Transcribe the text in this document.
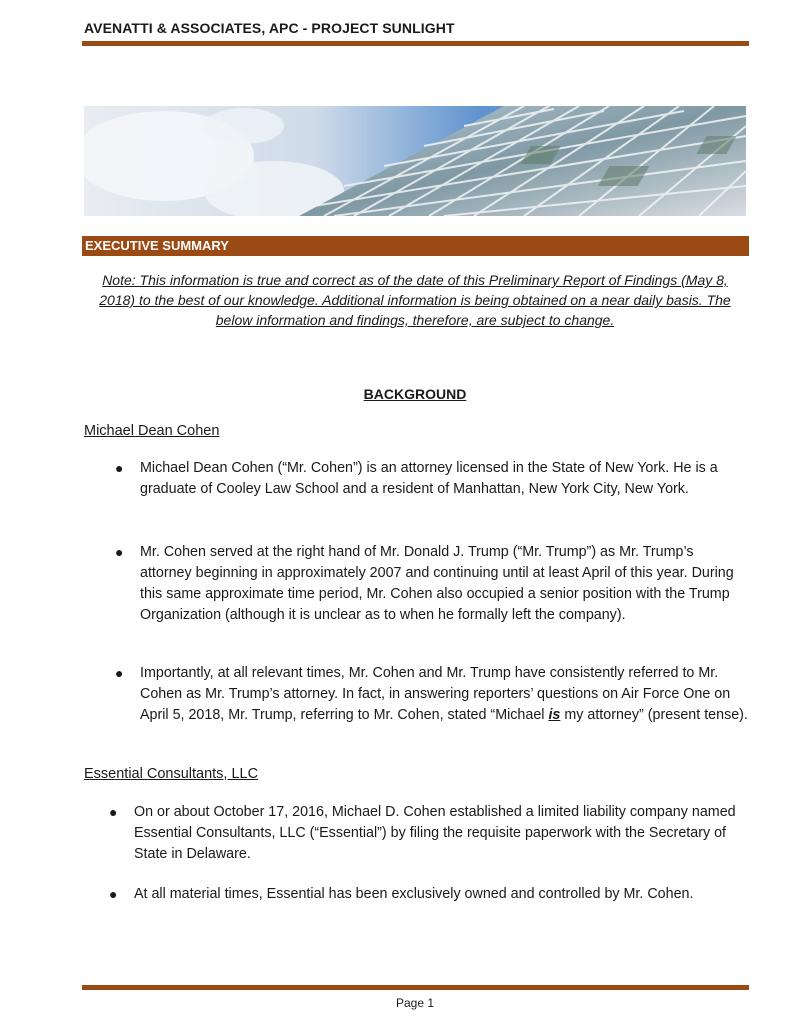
AVENATTI & ASSOCIATES, APC - PROJECT SUNLIGHT
EXECUTIVE SUMMARY
Note: This information is true and correct as of the date of this Preliminary Report of Findings (May 8, 2018) to the best of our knowledge. Additional information is being obtained on a near daily basis. The below information and findings, therefore, are subject to change.
BACKGROUND
Michael Dean Cohen
● Michael Dean Cohen (“Mr. Cohen”) is an attorney licensed in the State of New York. He is a graduate of Cooley Law School and a resident of Manhattan, New York City, New York.
● Mr. Cohen served at the right hand of Mr. Donald J. Trump (“Mr. Trump”) as Mr. Trump’s attorney beginning in approximately 2007 and continuing until at least April of this year. During this same approximate time period, Mr. Cohen also occupied a senior position with the Trump Organization (although it is unclear as to when he formally left the company).
● Importantly, at all relevant times, Mr. Cohen and Mr. Trump have consistently referred to Mr. Cohen as Mr. Trump’s attorney. In fact, in answering reporters’ questions on Air Force One on April 5, 2018, Mr. Trump, referring to Mr. Cohen, stated “Michael is my attorney” (present tense).
Essential Consultants, LLC
● On or about October 17, 2016, Michael D. Cohen established a limited liability company named Essential Consultants, LLC (“Essential”) by filing the requisite paperwork with the Secretary of State in Delaware.
● At all material times, Essential has been exclusively owned and controlled by Mr. Cohen.
Page 1
